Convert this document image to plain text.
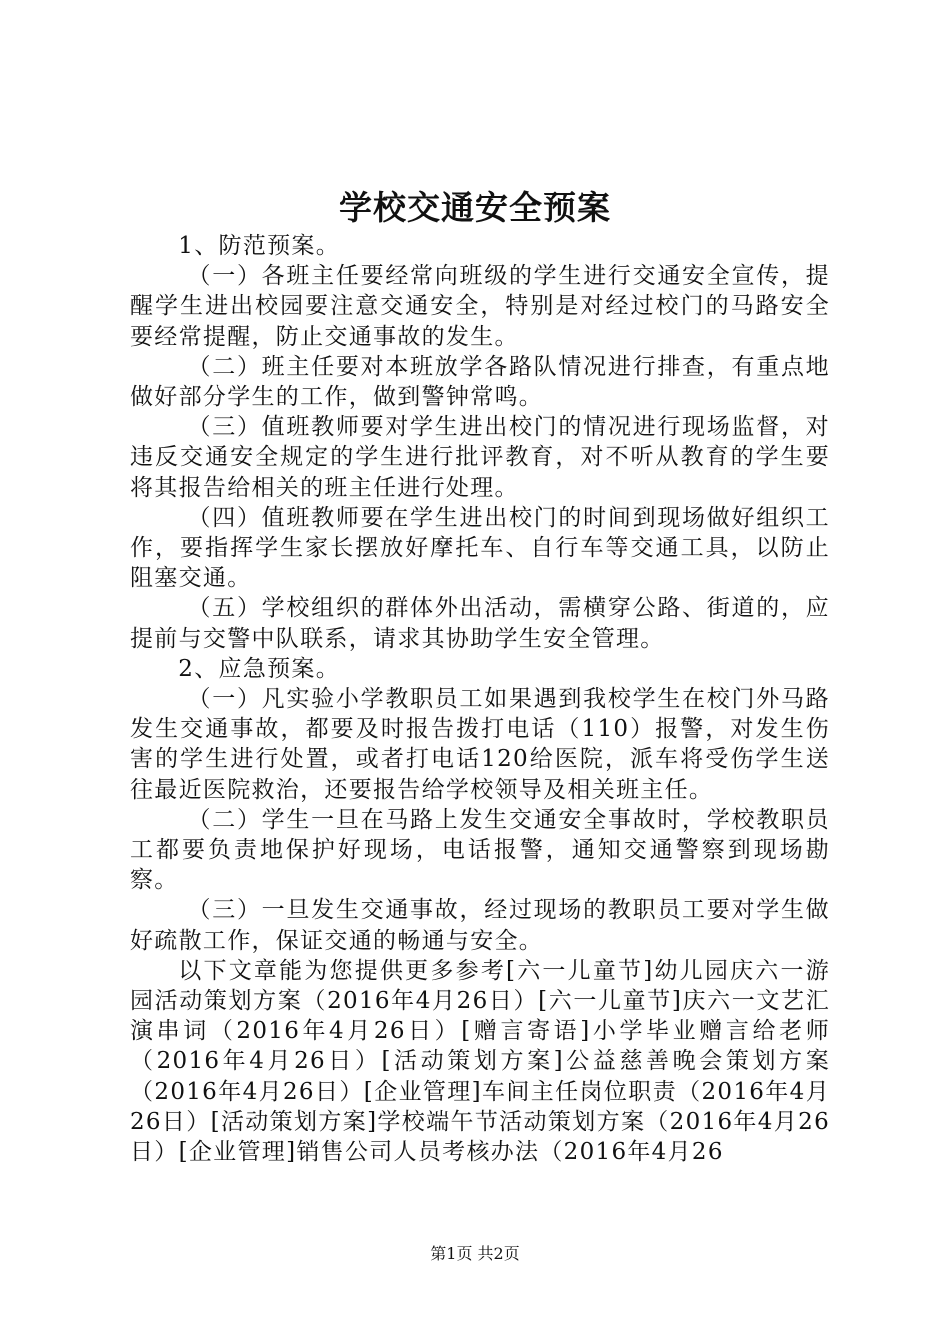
学校交通安全预案

1、防范预案。

（一）各班主任要经常向班级的学生进行交通安全宣传，提醒学生进出校园要注意交通安全，特别是对经过校门的马路安全要经常提醒，防止交通事故的发生。

（二）班主任要对本班放学各路队情况进行排查，有重点地做好部分学生的工作，做到警钟常鸣。

（三）值班教师要对学生进出校门的情况进行现场监督，对违反交通安全规定的学生进行批评教育，对不听从教育的学生要将其报告给相关的班主任进行处理。

（四）值班教师要在学生进出校门的时间到现场做好组织工作，要指挥学生家长摆放好摩托车、自行车等交通工具，以防止阻塞交通。

（五）学校组织的群体外出活动，需横穿公路、街道的，应提前与交警中队联系，请求其协助学生安全管理。

2、应急预案。

（一）凡实验小学教职员工如果遇到我校学生在校门外马路发生交通事故，都要及时报告拨打电话（110）报警，对发生伤害的学生进行处置，或者打电话120给医院，派车将受伤学生送往最近医院救治，还要报告给学校领导及相关班主任。

（二）学生一旦在马路上发生交通安全事故时，学校教职员工都要负责地保护好现场，电话报警，通知交通警察到现场勘察。

（三）一旦发生交通事故，经过现场的教职员工要对学生做好疏散工作，保证交通的畅通与安全。

以下文章能为您提供更多参考[六一儿童节]幼儿园庆六一游园活动策划方案（2016年4月26日）[六一儿童节]庆六一文艺汇演串词（2016年4月26日）[赠言寄语]小学毕业赠言给老师（2016年4月26日）[活动策划方案]公益慈善晚会策划方案（2016年4月26日）[企业管理]车间主任岗位职责（2016年4月26日）[活动策划方案]学校端午节活动策划方案（2016年4月26日）[企业管理]销售公司人员考核办法（2016年4月26

第1页 共2页
